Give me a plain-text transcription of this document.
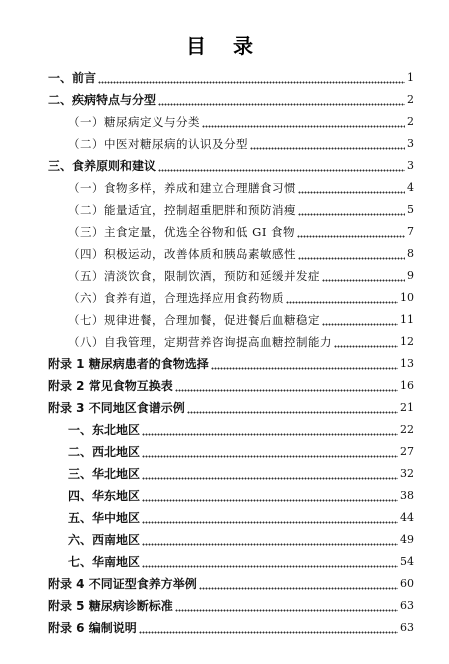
目 录
一、前言	1
二、疾病特点与分型	2
（一）糖尿病定义与分类	2
（二）中医对糖尿病的认识及分型	3
三、食养原则和建议	3
（一）食物多样，养成和建立合理膳食习惯	4
（二）能量适宜，控制超重肥胖和预防消瘦	5
（三）主食定量，优选全谷物和低 GI 食物	7
（四）积极运动，改善体质和胰岛素敏感性	8
（五）清淡饮食，限制饮酒，预防和延缓并发症	9
（六）食养有道，合理选择应用食药物质	10
（七）规律进餐，合理加餐，促进餐后血糖稳定	11
（八）自我管理，定期营养咨询提高血糖控制能力	12
附录 1 糖尿病患者的食物选择	13
附录 2 常见食物互换表	16
附录 3 不同地区食谱示例	21
一、东北地区	22
二、西北地区	27
三、华北地区	32
四、华东地区	38
五、华中地区	44
六、西南地区	49
七、华南地区	54
附录 4 不同证型食养方举例	60
附录 5 糖尿病诊断标准	63
附录 6 编制说明	63
